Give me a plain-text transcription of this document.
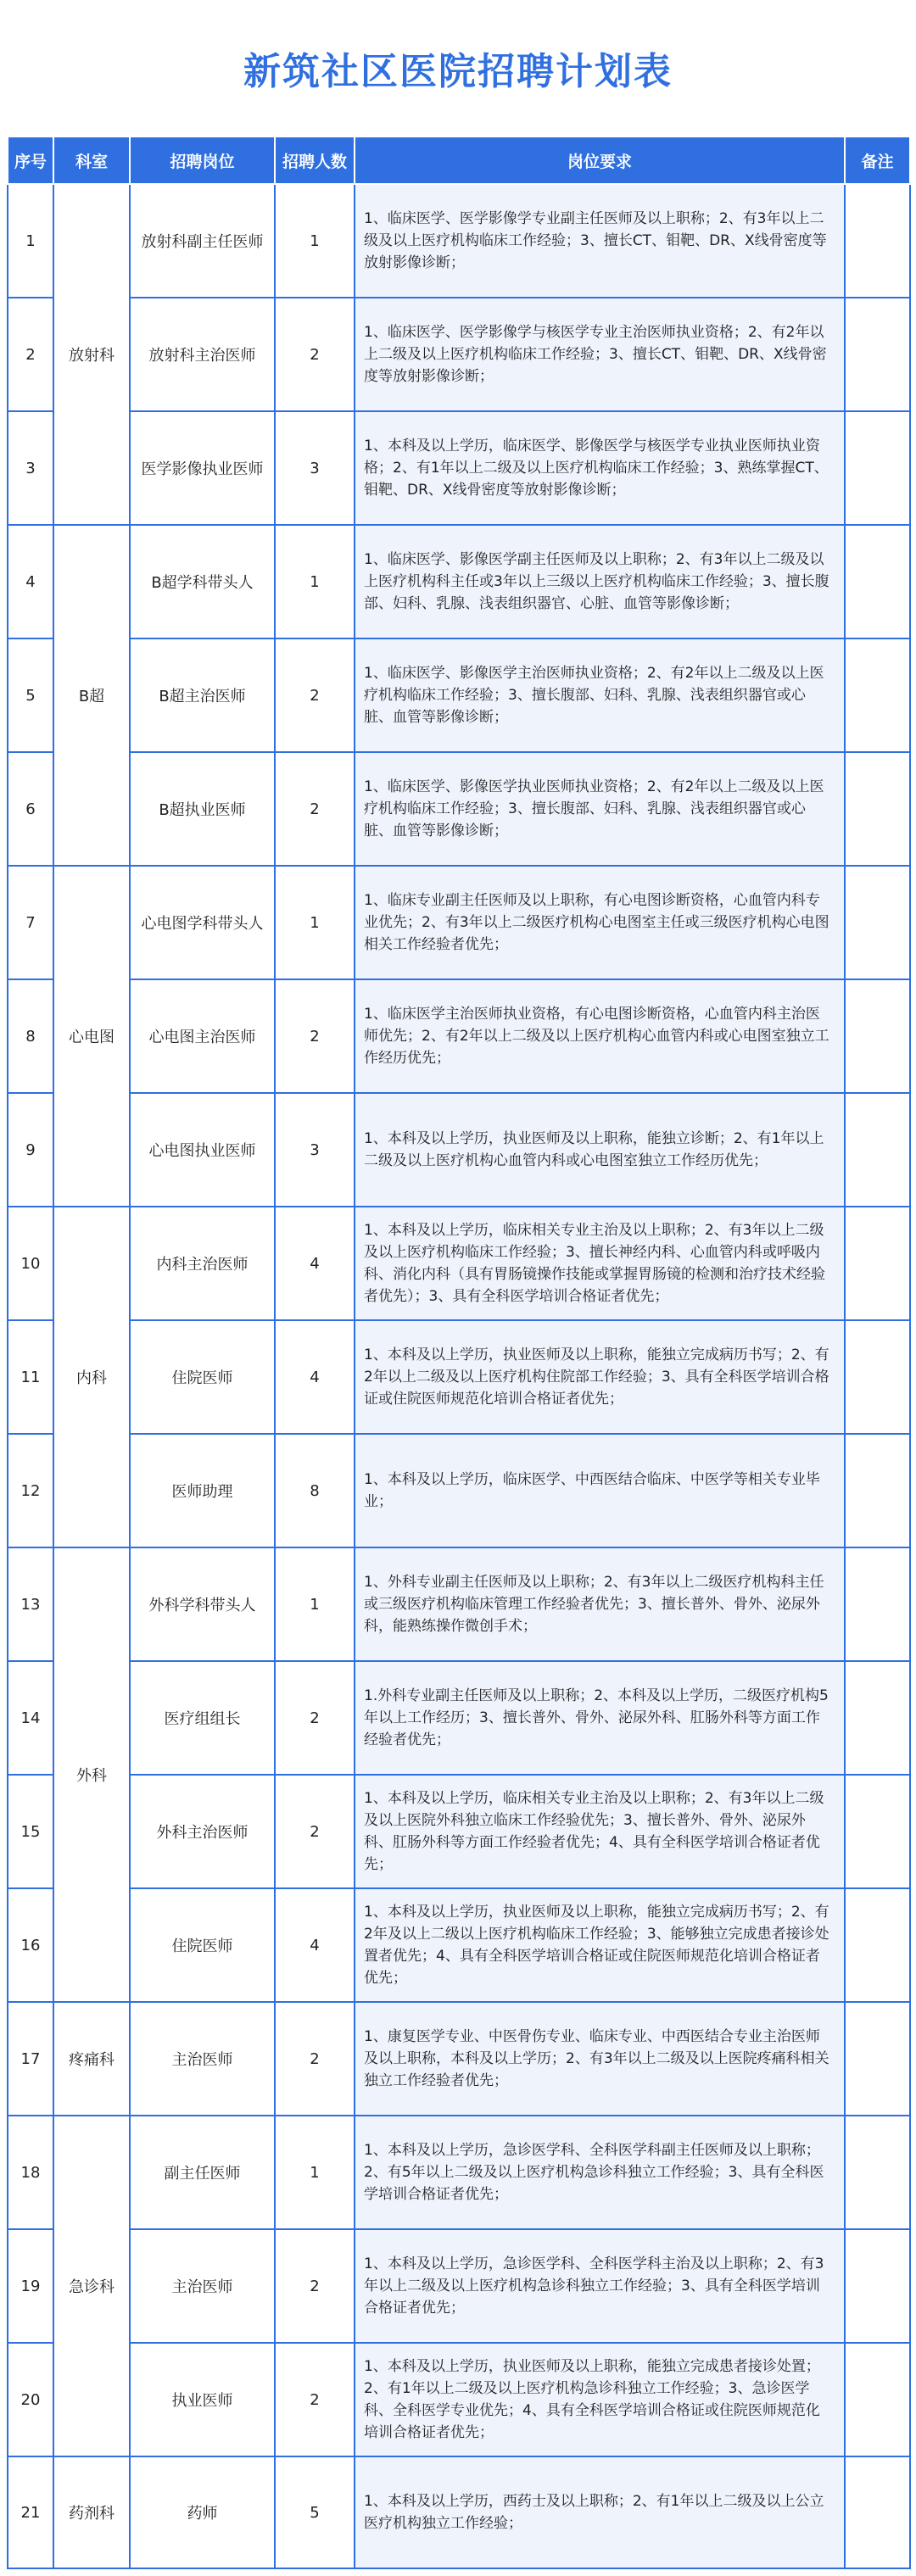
新筑社区医院招聘计划表
序号	科室	招聘岗位	招聘人数	岗位要求	备注
1	放射科	放射科副主任医师	1	1、临床医学、医学影像学专业副主任医师及以上职称；2、有3年以上二级及以上医疗机构临床工作经验；3、擅长CT、钼靶、DR、X线骨密度等放射影像诊断；	

2		放射科主治医师	2	1、临床医学、医学影像学与核医学专业主治医师执业资格；2、有2年以上二级及以上医疗机构临床工作经验；3、擅长CT、钼靶、DR、X线骨密度等放射影像诊断；	

3		医学影像执业医师	3	1、本科及以上学历，临床医学、影像医学与核医学专业执业医师执业资格；2、有1年以上二级及以上医疗机构临床工作经验；3、熟练掌握CT、钼靶、DR、X线骨密度等放射影像诊断；	

4	B超	B超学科带头人	1	1、临床医学、影像医学副主任医师及以上职称；2、有3年以上二级及以上医疗机构科主任或3年以上三级以上医疗机构临床工作经验；3、擅长腹部、妇科、乳腺、浅表组织器官、心脏、血管等影像诊断；	

5		B超主治医师	2	1、临床医学、影像医学主治医师执业资格；2、有2年以上二级及以上医疗机构临床工作经验；3、擅长腹部、妇科、乳腺、浅表组织器官或心脏、血管等影像诊断；	

6		B超执业医师	2	1、临床医学、影像医学执业医师执业资格；2、有2年以上二级及以上医疗机构临床工作经验；3、擅长腹部、妇科、乳腺、浅表组织器官或心脏、血管等影像诊断；	

7	心电图	心电图学科带头人	1	1、临床专业副主任医师及以上职称，有心电图诊断资格，心血管内科专业优先；2、有3年以上二级医疗机构心电图室主任或三级医疗机构心电图相关工作经验者优先；	

8		心电图主治医师	2	1、临床医学主治医师执业资格，有心电图诊断资格，心血管内科主治医师优先；2、有2年以上二级及以上医疗机构心血管内科或心电图室独立工作经历优先；	

9		心电图执业医师	3	1、本科及以上学历，执业医师及以上职称，能独立诊断；2、有1年以上二级及以上医疗机构心血管内科或心电图室独立工作经历优先；	

10	内科	内科主治医师	4	1、本科及以上学历，临床相关专业主治及以上职称；2、有3年以上二级及以上医疗机构临床工作经验；3、擅长神经内科、心血管内科或呼吸内科、消化内科（具有胃肠镜操作技能或掌握胃肠镜的检测和治疗技术经验者优先）；3、具有全科医学培训合格证者优先；	

11		住院医师	4	1、本科及以上学历，执业医师及以上职称，能独立完成病历书写；2、有2年以上二级及以上医疗机构住院部工作经验；3、具有全科医学培训合格证或住院医师规范化培训合格证者优先；	

12		医师助理	8	1、本科及以上学历，临床医学、中西医结合临床、中医学等相关专业毕业；	

13	外科	外科学科带头人	1	1、外科专业副主任医师及以上职称；2、有3年以上二级医疗机构科主任或三级医疗机构临床管理工作经验者优先；3、擅长普外、骨外、泌尿外科，能熟练操作微创手术；	

14		医疗组组长	2	1.外科专业副主任医师及以上职称；2、本科及以上学历，二级医疗机构5年以上工作经历；3、擅长普外、骨外、泌尿外科、肛肠外科等方面工作经验者优先；	

15		外科主治医师	2	1、本科及以上学历，临床相关专业主治及以上职称；2、有3年以上二级及以上医院外科独立临床工作经验优先；3、擅长普外、骨外、泌尿外科、肛肠外科等方面工作经验者优先；4、具有全科医学培训合格证者优先；	

16		住院医师	4	1、本科及以上学历，执业医师及以上职称，能独立完成病历书写；2、有2年及以上二级以上医疗机构临床工作经验；3、能够独立完成患者接诊处置者优先；4、具有全科医学培训合格证或住院医师规范化培训合格证者优先；	

17	疼痛科	主治医师	2	1、康复医学专业、中医骨伤专业、临床专业、中西医结合专业主治医师及以上职称，本科及以上学历；2、有3年以上二级及以上医院疼痛科相关独立工作经验者优先；	

18	急诊科	副主任医师	1	1、本科及以上学历，急诊医学科、全科医学科副主任医师及以上职称；2、有5年以上二级及以上医疗机构急诊科独立工作经验；3、具有全科医学培训合格证者优先；	

19		主治医师	2	1、本科及以上学历，急诊医学科、全科医学科主治及以上职称；2、有3年以上二级及以上医疗机构急诊科独立工作经验；3、具有全科医学培训合格证者优先；	

20		执业医师	2	1、本科及以上学历，执业医师及以上职称，能独立完成患者接诊处置；2、有1年以上二级及以上医疗机构急诊科独立工作经验；3、急诊医学科、全科医学专业优先；4、具有全科医学培训合格证或住院医师规范化培训合格证者优先；	

21	药剂科	药师	5	1、本科及以上学历，西药士及以上职称；2、有1年以上二级及以上公立医疗机构独立工作经验；	
